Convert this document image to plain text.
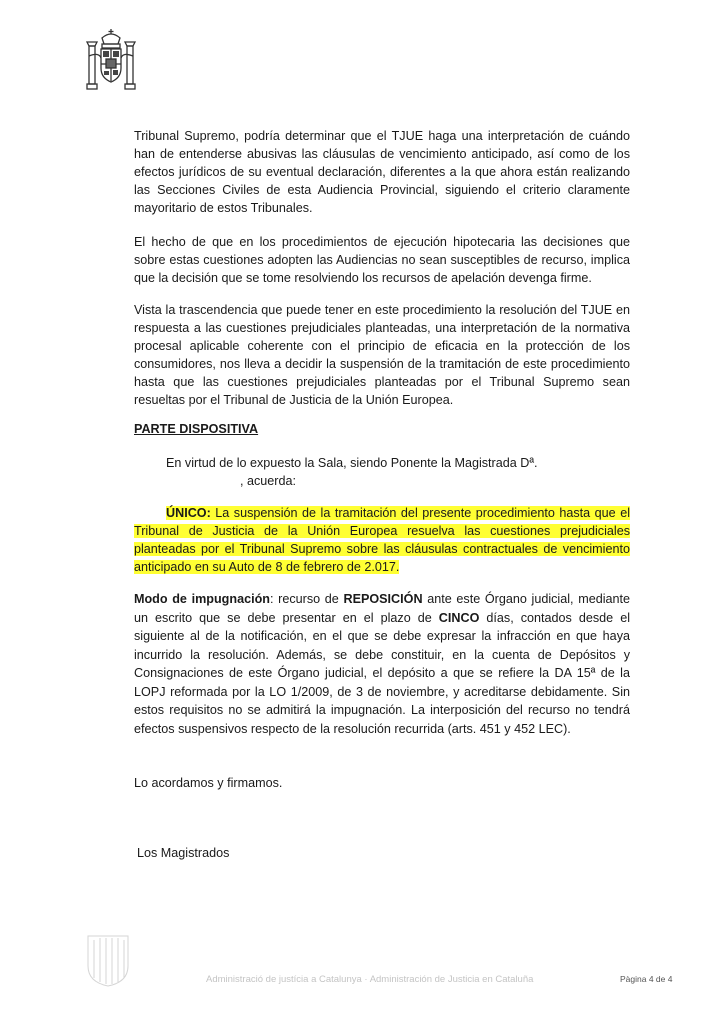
Tribunal Supremo, podría determinar que el TJUE haga una interpretación de cuándo han de entenderse abusivas las cláusulas de vencimiento anticipado, así como de los efectos jurídicos de su eventual declaración, diferentes a la que ahora están realizando las Secciones Civiles de esta Audiencia Provincial, siguiendo el criterio claramente mayoritario de estos Tribunales.

El hecho de que en los procedimientos de ejecución hipotecaria las decisiones que sobre estas cuestiones adopten las Audiencias no sean susceptibles de recurso, implica que la decisión que se tome resolviendo los recursos de apelación devenga firme.

Vista la trascendencia que puede tener en este procedimiento la resolución del TJUE en respuesta a las cuestiones prejudiciales planteadas, una interpretación de la normativa procesal aplicable coherente con el principio de eficacia en la protección de los consumidores, nos lleva a decidir la suspensión de la tramitación de este procedimiento hasta que las cuestiones prejudiciales planteadas por el Tribunal Supremo sean resueltas por el Tribunal de Justicia de la Unión Europea.

PARTE DISPOSITIVA
En virtud de lo expuesto la Sala, siendo Ponente la Magistrada Dª.
, acuerda:

ÚNICO: La suspensión de la tramitación del presente procedimiento hasta que el Tribunal de Justicia de la Unión Europea resuelva las cuestiones prejudiciales planteadas por el Tribunal Supremo sobre las cláusulas contractuales de vencimiento anticipado en su Auto de 8 de febrero de 2.017.

Modo de impugnación: recurso de REPOSICIÓN ante este Órgano judicial, mediante un escrito que se debe presentar en el plazo de CINCO días, contados desde el siguiente al de la notificación, en el que se debe expresar la infracción en que haya incurrido la resolución. Además, se debe constituir, en la cuenta de Depósitos y Consignaciones de este Órgano judicial, el depósito a que se refiere la DA 15ª de la LOPJ reformada por la LO 1/2009, de 3 de noviembre, y acreditarse debidamente. Sin estos requisitos no se admitirá la impugnación. La interposición del recurso no tendrá efectos suspensivos respecto de la resolución recurrida (arts. 451 y 452 LEC).

Lo acordamos y firmamos.
Los Magistrados
Administració de justícia a Catalunya · Administración de Justicia en Cataluña	Pàgina 4 de 4
